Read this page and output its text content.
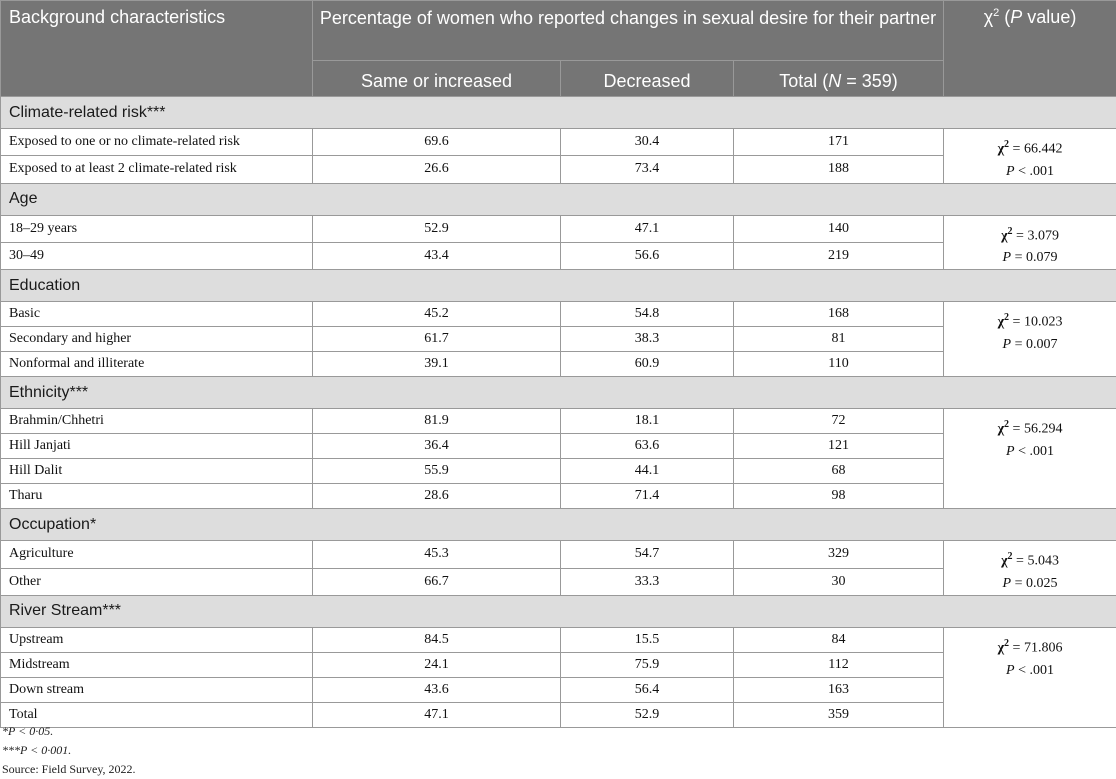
Background characteristics	Percentage of women who reported changes in sexual desire for their partner			$\chi^2$ (P value)
	Same or increased	Decreased	Total (N = 359)	
Climate-related risk***				
Exposed to one or no climate-related risk	69.6	30.4	171	$\chi^2 = 66.442$
P < .001

Exposed to at least 2 climate-related risk	26.6	73.4	188	
Age				
18–29 years	52.9	47.1	140	$\chi^2 = 3.079$
P = 0.079

30–49	43.4	56.6	219	
Education				
Basic	45.2	54.8	168	$\chi^2 = 10.023$
P = 0.007

Secondary and higher	61.7	38.3	81	
Nonformal and illiterate	39.1	60.9	110	
Ethnicity***				
Brahmin/Chhetri	81.9	18.1	72	$\chi^2 = 56.294$
P < .001

Hill Janjati	36.4	63.6	121	
Hill Dalit	55.9	44.1	68	
Tharu	28.6	71.4	98	
Occupation*				
Agriculture	45.3	54.7	329	$\chi^2 = 5.043$
P = 0.025

Other	66.7	33.3	30	
River Stream***				
Upstream	84.5	15.5	84	$\chi^2 = 71.806$
P < .001

Midstream	24.1	75.9	112	
Down stream	43.6	56.4	163	
Total	47.1	52.9	359	
*P < 0·05.
***P < 0·001.
Source: Field Survey, 2022.
